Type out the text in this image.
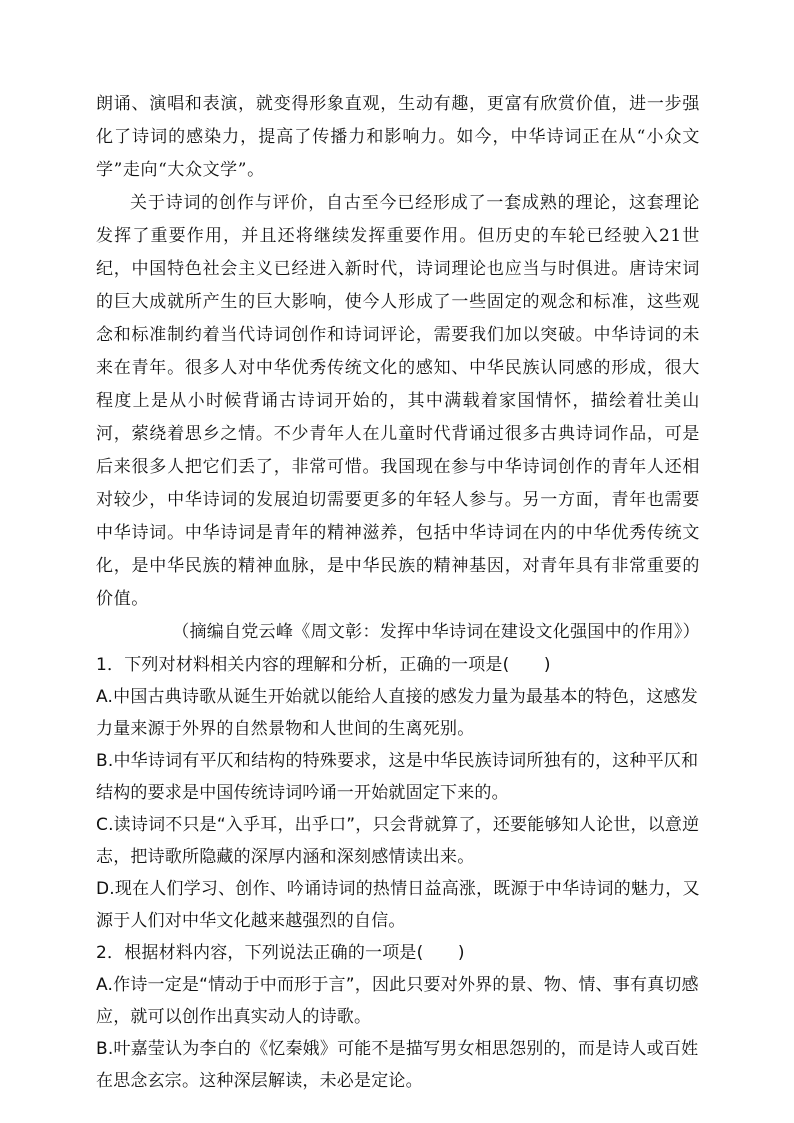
朗诵、演唱和表演，就变得形象直观，生动有趣，更富有欣赏价值，进一步强化了诗词的感染力，提高了传播力和影响力。如今，中华诗词正在从“小众文学”走向“大众文学”。

关于诗词的创作与评价，自古至今已经形成了一套成熟的理论，这套理论发挥了重要作用，并且还将继续发挥重要作用。但历史的车轮已经驶入21世纪，中国特色社会主义已经进入新时代，诗词理论也应当与时俱进。唐诗宋词的巨大成就所产生的巨大影响，使今人形成了一些固定的观念和标准，这些观念和标准制约着当代诗词创作和诗词评论，需要我们加以突破。中华诗词的未来在青年。很多人对中华优秀传统文化的感知、中华民族认同感的形成，很大程度上是从小时候背诵古诗词开始的，其中满载着家国情怀，描绘着壮美山河，萦绕着思乡之情。不少青年人在儿童时代背诵过很多古典诗词作品，可是后来很多人把它们丢了，非常可惜。我国现在参与中华诗词创作的青年人还相对较少，中华诗词的发展迫切需要更多的年轻人参与。另一方面，青年也需要中华诗词。中华诗词是青年的精神滋养，包括中华诗词在内的中华优秀传统文化，是中华民族的精神血脉，是中华民族的精神基因，对青年具有非常重要的价值。

（摘编自党云峰《周文彰：发挥中华诗词在建设文化强国中的作用》）

1．下列对材料相关内容的理解和分析，正确的一项是(　　)

A.中国古典诗歌从诞生开始就以能给人直接的感发力量为最基本的特色，这感发力量来源于外界的自然景物和人世间的生离死别。

B.中华诗词有平仄和结构的特殊要求，这是中华民族诗词所独有的，这种平仄和结构的要求是中国传统诗词吟诵一开始就固定下来的。

C.读诗词不只是“入乎耳，出乎口”，只会背就算了，还要能够知人论世，以意逆志，把诗歌所隐藏的深厚内涵和深刻感情读出来。

D.现在人们学习、创作、吟诵诗词的热情日益高涨，既源于中华诗词的魅力，又源于人们对中华文化越来越强烈的自信。

2．根据材料内容，下列说法正确的一项是(　　)

A.作诗一定是“情动于中而形于言”，因此只要对外界的景、物、情、事有真切感应，就可以创作出真实动人的诗歌。

B.叶嘉莹认为李白的《忆秦娥》可能不是描写男女相思怨别的，而是诗人或百姓在思念玄宗。这种深层解读，未必是定论。
